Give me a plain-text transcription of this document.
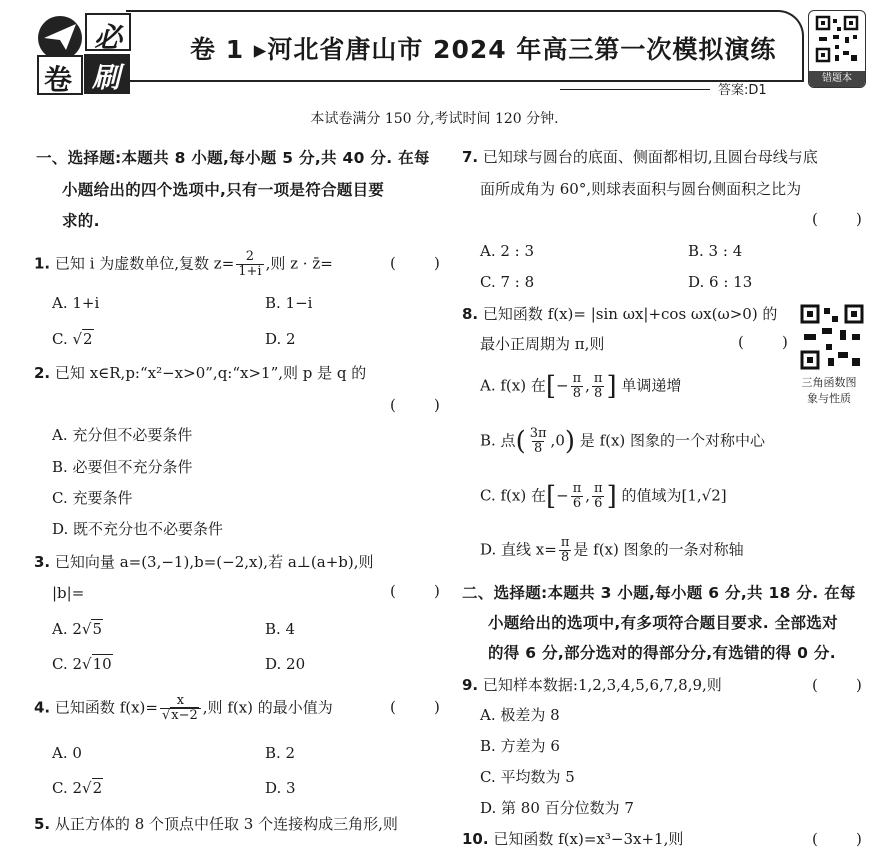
必
卷 刷
卷 1 ▸河北省唐山市 2024 年高三第一次模拟演练
答案:D1
错题本
本试卷满分 150 分,考试时间 120 分钟.
一、选择题:本题共 8 小题,每小题 5 分,共 40 分. 在每
小题给出的四个选项中,只有一项是符合题目要
求的.
1. 已知 i 为虚数单位,复数 $z= \frac{2}{1+i}$ ,则 z · z̄=	(        )
A. 1+i	B. 1−i
C. √2	D. 2
2. 已知 x∈R,p:“x²−x>0”,q:“x>1”,则 p 是 q 的
(        )
A. 充分但不必要条件
B. 必要但不充分条件
C. 充要条件
D. 既不充分也不必要条件
3. 已知向量 a=(3,−1),b=(−2,x),若 a⊥(a+b),则
|b|=	(        )
A. 2√5	B. 4
C. 2√10	D. 20
4. 已知函数 $f(x)= \frac{x}{√x-2}$ ,则 f(x) 的最小值为	(        )
A. 0	B. 2
C. 2√2	D. 3
5. 从正方体的 8 个顶点中任取 3 个连接构成三角形,则
7. 已知球与圆台的底面、侧面都相切,且圆台母线与底
面所成角为 60°,则球表面积与圆台侧面积之比为
(        )
A. 2 : 3	B. 3 : 4
C. 7 : 8	D. 6 : 13
8. 已知函数 f(x)= |sin ωx|+cos ωx(ω>0) 的
最小正周期为 π,则	(        )
三角函数图
象与性质
A. f(x) 在[− $\frac{\pi}{8}$ , $\frac{\pi}{8}$ ] 单调递增
B. 点( $\frac{3\pi}{8} ,0$) 是 f(x) 图象的一个对称中心
C. f(x) 在[− $\frac{\pi}{6}$ , $\frac{\pi}{6}$ ] 的值域为[1,√2]
D. 直线 $x= \frac{\pi}{8}$ 是 f(x) 图象的一条对称轴
二、选择题:本题共 3 小题,每小题 6 分,共 18 分. 在每
小题给出的选项中,有多项符合题目要求. 全部选对
的得 6 分,部分选对的得部分分,有选错的得 0 分.
9. 已知样本数据:1,2,3,4,5,6,7,8,9,则	(        )
A. 极差为 8
B. 方差为 6
C. 平均数为 5
D. 第 80 百分位数为 7
10. 已知函数 f(x)=x³−3x+1,则	(        )
